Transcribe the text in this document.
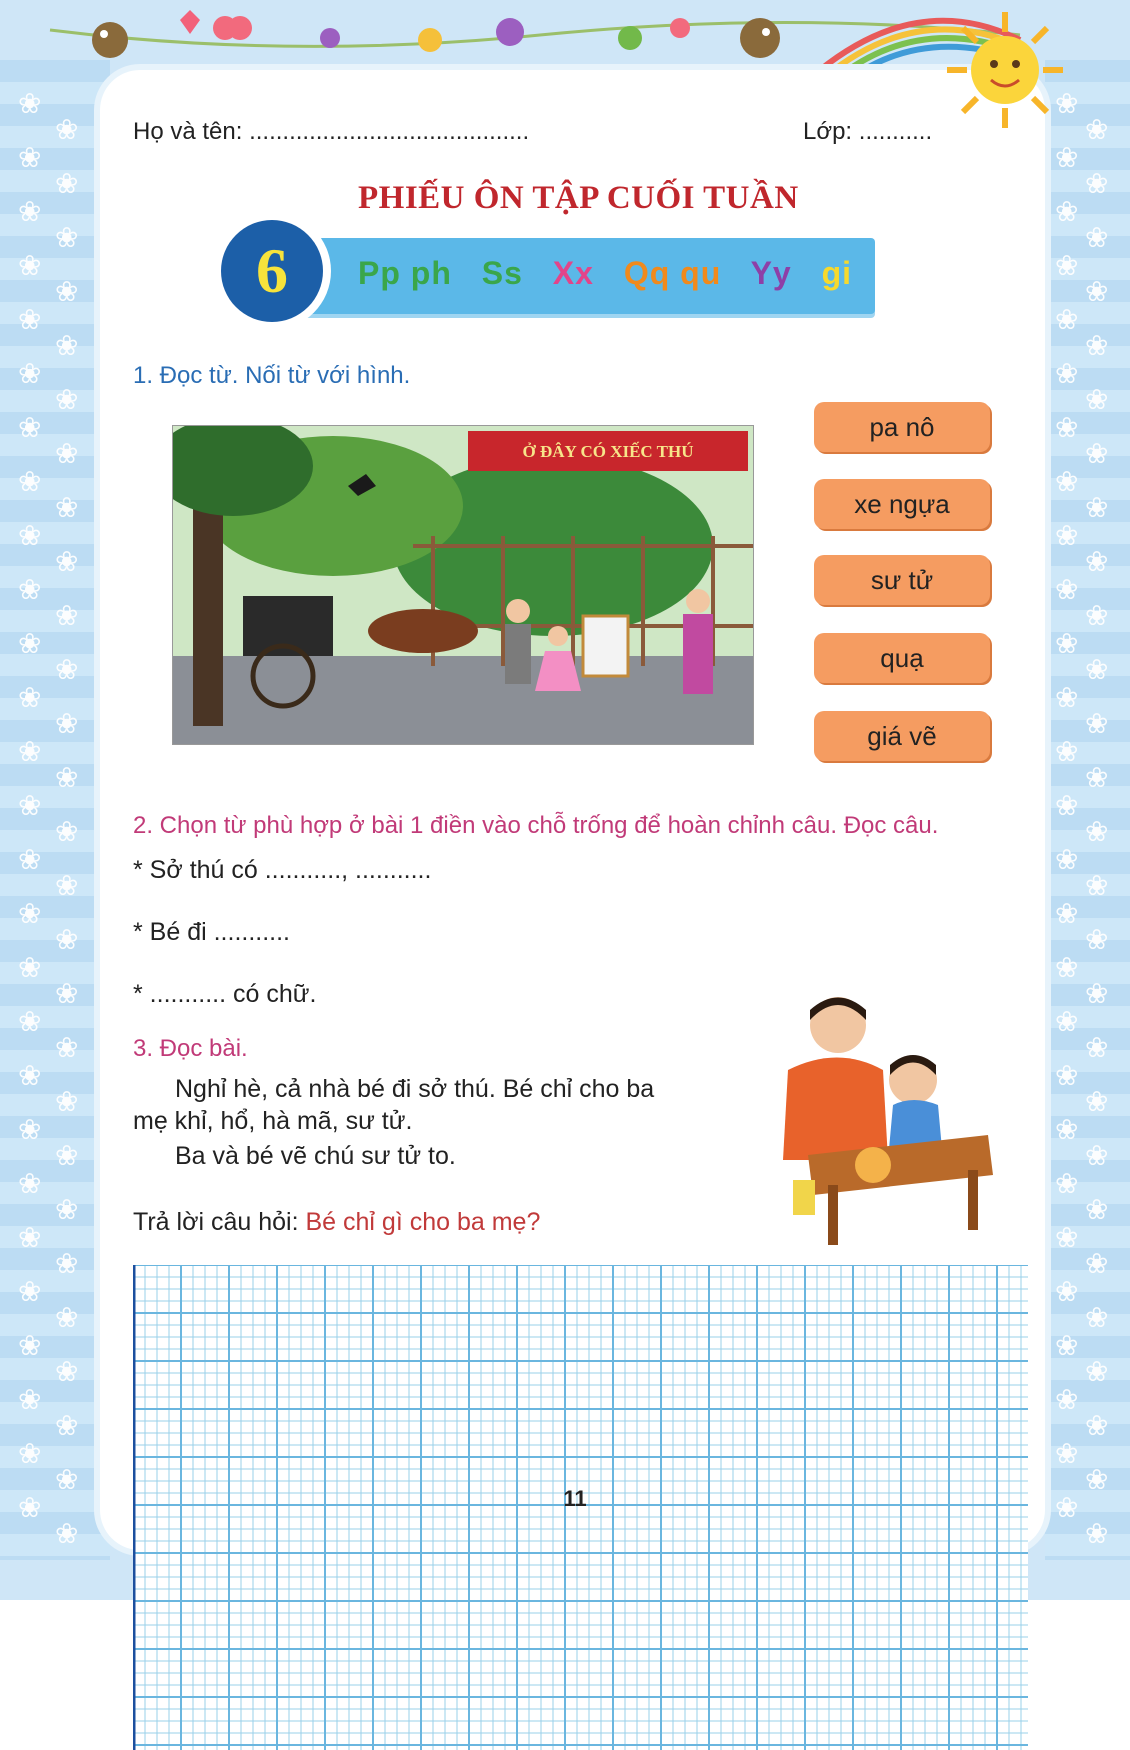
❀
❀
❀
❀
❀
❀
❀
❀
❀
❀
❀
❀
❀
❀
❀
❀
❀
❀
❀
❀
❀
❀
❀
❀
❀
❀
❀
❀
❀
❀
❀
❀
❀
❀
❀
❀
❀
❀
❀
❀
❀
❀
❀
❀
❀
❀
❀
❀
❀
❀
❀
❀
❀
❀
❀
❀
❀
❀
❀
❀
❀
❀
❀
❀
❀
❀
❀
❀
❀
❀
❀
❀
❀
❀
❀
❀
❀
❀
❀
❀
❀
❀
❀
❀
❀
❀
❀
❀
❀
❀
❀
❀
❀
❀
❀
❀
❀
❀
❀
❀
❀
❀
❀
❀
❀
❀
❀
❀
Họ và tên: ..........................................	Lớp: ...........
PHIẾU ÔN TẬP CUỐI TUẦN
6	Pp ph Ss Xx Qq qu Yy gi
1. Đọc từ. Nối từ với hình.
Ở ĐÂY CÓ XIẾC THÚ
pa nô
xe ngựa
sư tử
quạ
giá vẽ
2. Chọn từ phù hợp ở bài 1 điền vào chỗ trống để hoàn chỉnh câu. Đọc câu.
* Sở thú có ..........., ...........
* Bé đi ...........
* ........... có chữ.
3. Đọc bài.
Nghỉ hè, cả nhà bé đi sở thú. Bé chỉ cho ba
mẹ khỉ, hổ, hà mã, sư tử.
Ba và bé vẽ chú sư tử to.
Trả lời câu hỏi: Bé chỉ gì cho ba mẹ?
11
